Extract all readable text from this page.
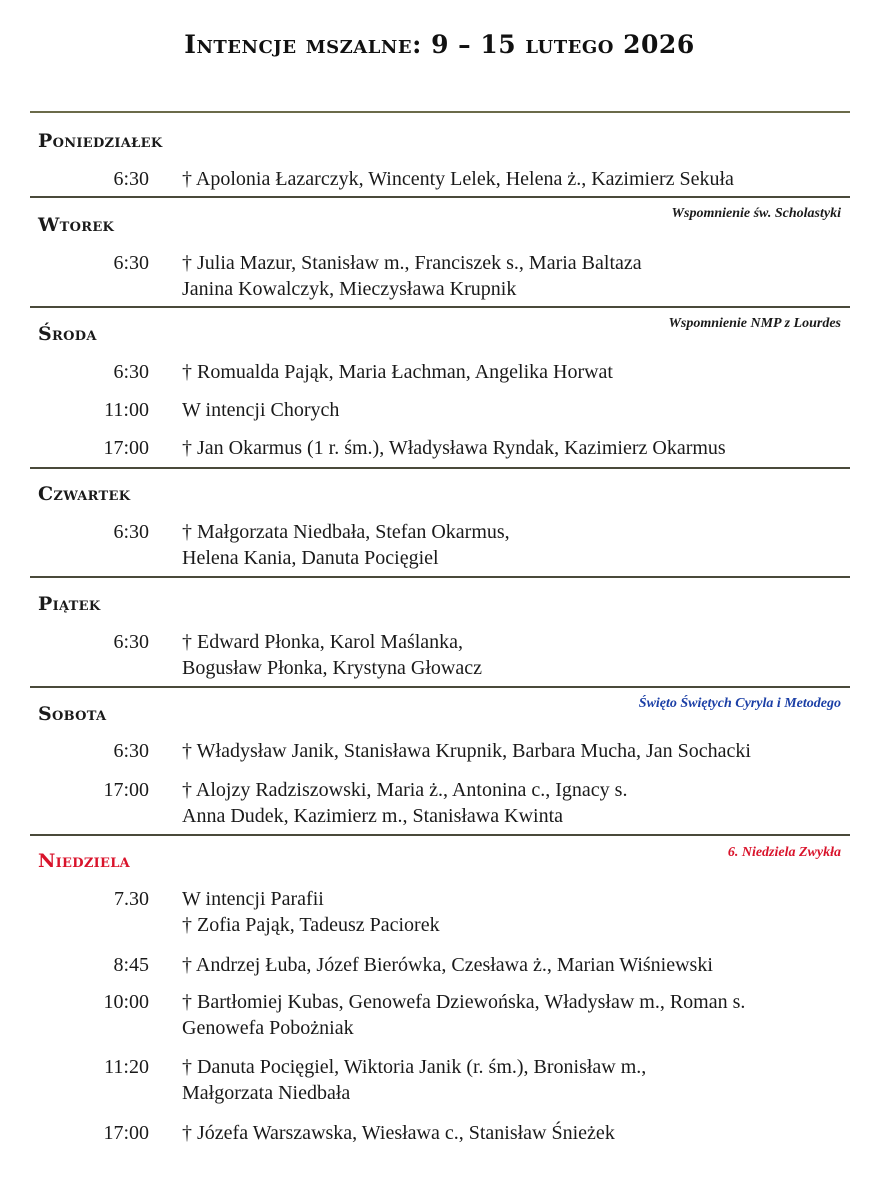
Intencje mszalne: 9 – 15 lutego 2026
Poniedziałek
6:30 † Apolonia Łazarczyk, Wincenty Lelek, Helena ż., Kazimierz Sekuła
Wspomnienie św. Scholastyki
Wtorek
6:30 † Julia Mazur, Stanisław m., Franciszek s., Maria Baltaza
Janina Kowalczyk, Mieczysława Krupnik
Wspomnienie NMP z Lourdes
Środa
6:30 † Romualda Pająk, Maria Łachman, Angelika Horwat
11:00 W intencji Chorych
17:00 † Jan Okarmus (1 r. śm.), Władysława Ryndak, Kazimierz Okarmus
Czwartek
6:30 † Małgorzata Niedbała, Stefan Okarmus,
Helena Kania, Danuta Pocięgiel
Piątek
6:30 † Edward Płonka, Karol Maślanka,
Bogusław Płonka, Krystyna Głowacz
Święto Świętych Cyryla i Metodego
Sobota
6:30 † Władysław Janik, Stanisława Krupnik, Barbara Mucha, Jan Sochacki
17:00 † Alojzy Radziszowski, Maria ż., Antonina c., Ignacy s.
Anna Dudek, Kazimierz m., Stanisława Kwinta
6. Niedziela Zwykła
Niedziela
7.30 W intencji Parafii
† Zofia Pająk, Tadeusz Paciorek
8:45 † Andrzej Łuba, Józef Bierówka, Czesława ż., Marian Wiśniewski
10:00 † Bartłomiej Kubas, Genowefa Dziewońska, Władysław m., Roman s.
Genowefa Pobożniak
11:20 † Danuta Pocięgiel, Wiktoria Janik (r. śm.), Bronisław m.,
Małgorzata Niedbała
17:00 † Józefa Warszawska, Wiesława c., Stanisław Śnieżek
